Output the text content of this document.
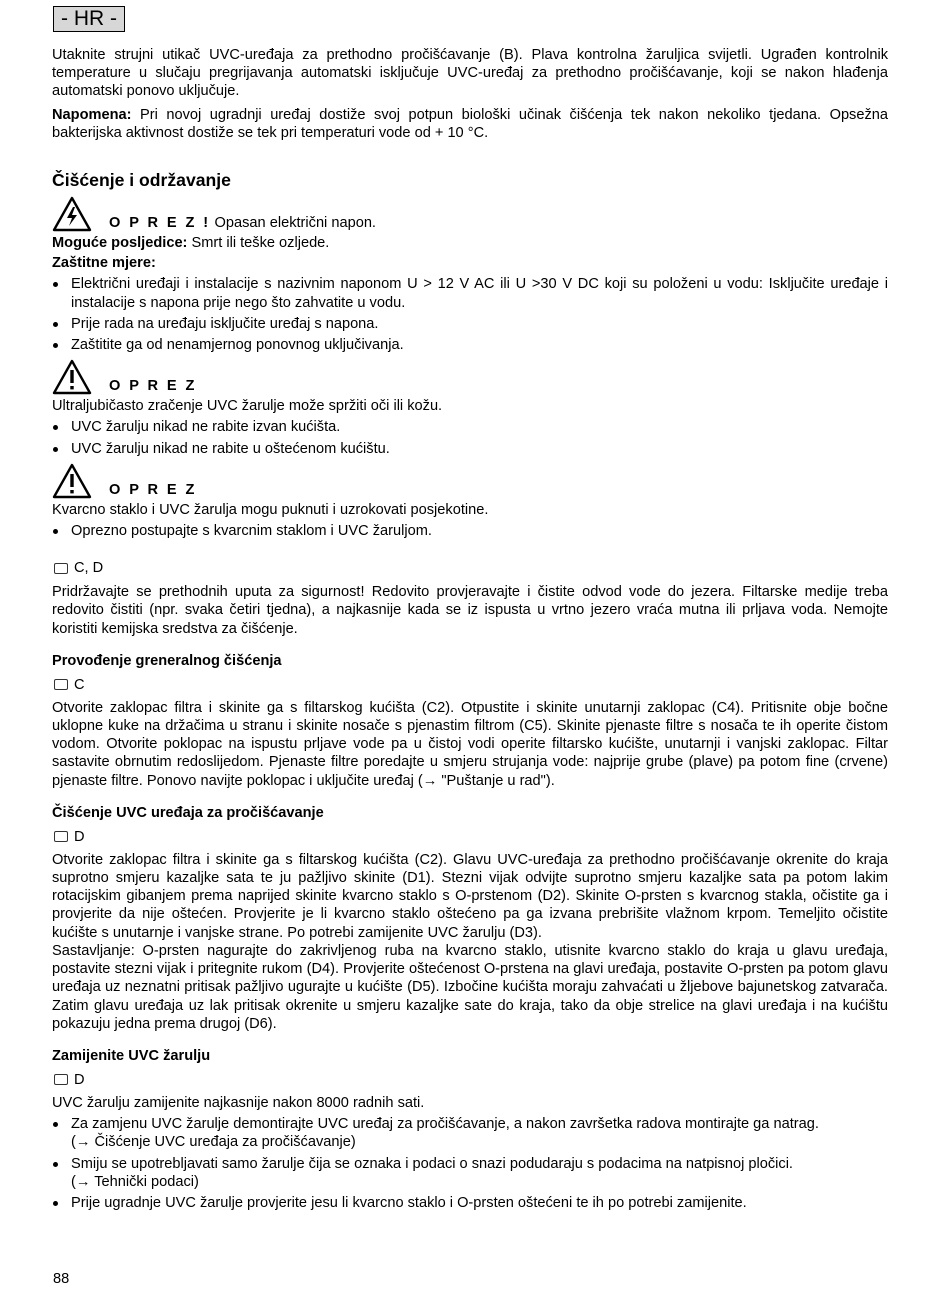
- HR -

Utaknite strujni utikač UVC-uređaja za prethodno pročišćavanje (B). Plava kontrolna žaruljica svijetli. Ugrađen kontrolnik temperature u slučaju pregrijavanja automatski isključuje UVC-uređaj za prethodno pročišćavanje, koji se nakon hlađenja automatski ponovo uključuje.

Napomena: Pri novoj ugradnji uređaj dostiže svoj potpun biološki učinak čišćenja tek nakon nekoliko tjedana. Opsežna bakterijska aktivnost dostiže se tek pri temperaturi vode od + 10 °C.

Čišćenje i održavanje
O P R E Z ! Opasan električni napon.

Moguće posljedice: Smrt ili teške ozljede.

Zaštitne mjere:

Električni uređaji i instalacije s nazivnim naponom U > 12 V AC ili U >30 V DC koji su položeni u vodu: Isključite uređaje i instalacije s napona prije nego što zahvatite u vodu.
Prije rada na uređaju isključite uređaj s napona.
Zaštitite ga od nenamjernog ponovnog uključivanja.
O P R E Z

Ultraljubičasto zračenje UVC žarulje može spržiti oči ili kožu.

UVC žarulju nikad ne rabite izvan kućišta.
UVC žarulju nikad ne rabite u oštećenom kućištu.
O P R E Z

Kvarcno staklo i UVC žarulja mogu puknuti i uzrokovati posjekotine.

Oprezno postupajte s kvarcnim staklom i UVC žaruljom.
C, D

Pridržavajte se prethodnih uputa za sigurnost! Redovito provjeravajte i čistite odvod vode do jezera. Filtarske medije treba redovito čistiti (npr. svaka četiri tjedna), a najkasnije kada se iz ispusta u vrtno jezero vraća mutna ili prljava voda. Nemojte koristiti kemijska sredstva za čišćenje.

Provođenje greneralnog čišćenja
C

Otvorite zaklopac filtra i skinite ga s filtarskog kućišta (C2). Otpustite i skinite unutarnji zaklopac (C4). Pritisnite obje bočne uklopne kuke na držačima u stranu i skinite nosače s pjenastim filtrom (C5). Skinite pjenaste filtre s nosača te ih operite čistom vodom. Otvorite poklopac na ispustu prljave vode pa u čistoj vodi operite filtarsko kućište, unutarnji i vanjski zaklopac. Filtar sastavite obrnutim redoslijedom. Pjenaste filtre poredajte u smjeru strujanja vode: najprije grube (plave) pa potom fine (crvene) pjenaste filtre. Ponovo navijte poklopac i uključite uređaj (→ "Puštanje u rad").

Čišćenje UVC uređaja za pročišćavanje
D

Otvorite zaklopac filtra i skinite ga s filtarskog kućišta (C2). Glavu UVC-uređaja za prethodno pročišćavanje okrenite do kraja suprotno smjeru kazaljke sata te ju pažljivo skinite (D1). Stezni vijak odvijte suprotno smjeru kazaljke sata pa potom lakim rotacijskim gibanjem prema naprijed skinite kvarcno staklo s O-prstenom (D2). Skinite O-prsten s kvarcnog stakla, očistite ga i provjerite da nije oštećen. Provjerite je li kvarcno staklo oštećeno pa ga izvana prebrišite vlažnom krpom. Temeljito očistite kućište s unutarnje i vanjske strane. Po potrebi zamijenite UVC žarulju (D3).

Sastavljanje: O-prsten nagurajte do zakrivljenog ruba na kvarcno staklo, utisnite kvarcno staklo do kraja u glavu uređaja, postavite stezni vijak i pritegnite rukom (D4). Provjerite oštećenost O-prstena na glavi uređaja, postavite O-prsten pa potom glavu uređaja uz neznatni pritisak pažljivo ugurajte u kućište (D5). Izbočine kućišta moraju zahvaćati u žljebove bajunetskog zatvarača. Zatim glavu uređaja uz lak pritisak okrenite u smjeru kazaljke sate do kraja, tako da obje strelice na glavi uređaja i na kućištu pokazuju jedna prema drugoj (D6).

Zamijenite UVC žarulju
D

UVC žarulju zamijenite najkasnije nakon 8000 radnih sati.

Za zamjenu UVC žarulje demontirajte UVC uređaj za pročišćavanje, a nakon završetka radova montirajte ga natrag.
(→ Čišćenje UVC uređaja za pročišćavanje)
Smiju se upotrebljavati samo žarulje čija se oznaka i podaci o snazi podudaraju s podacima na natpisnoj pločici.
(→ Tehnički podaci)
Prije ugradnje UVC žarulje provjerite jesu li kvarcno staklo i O-prsten oštećeni te ih po potrebi zamijenite.
88
